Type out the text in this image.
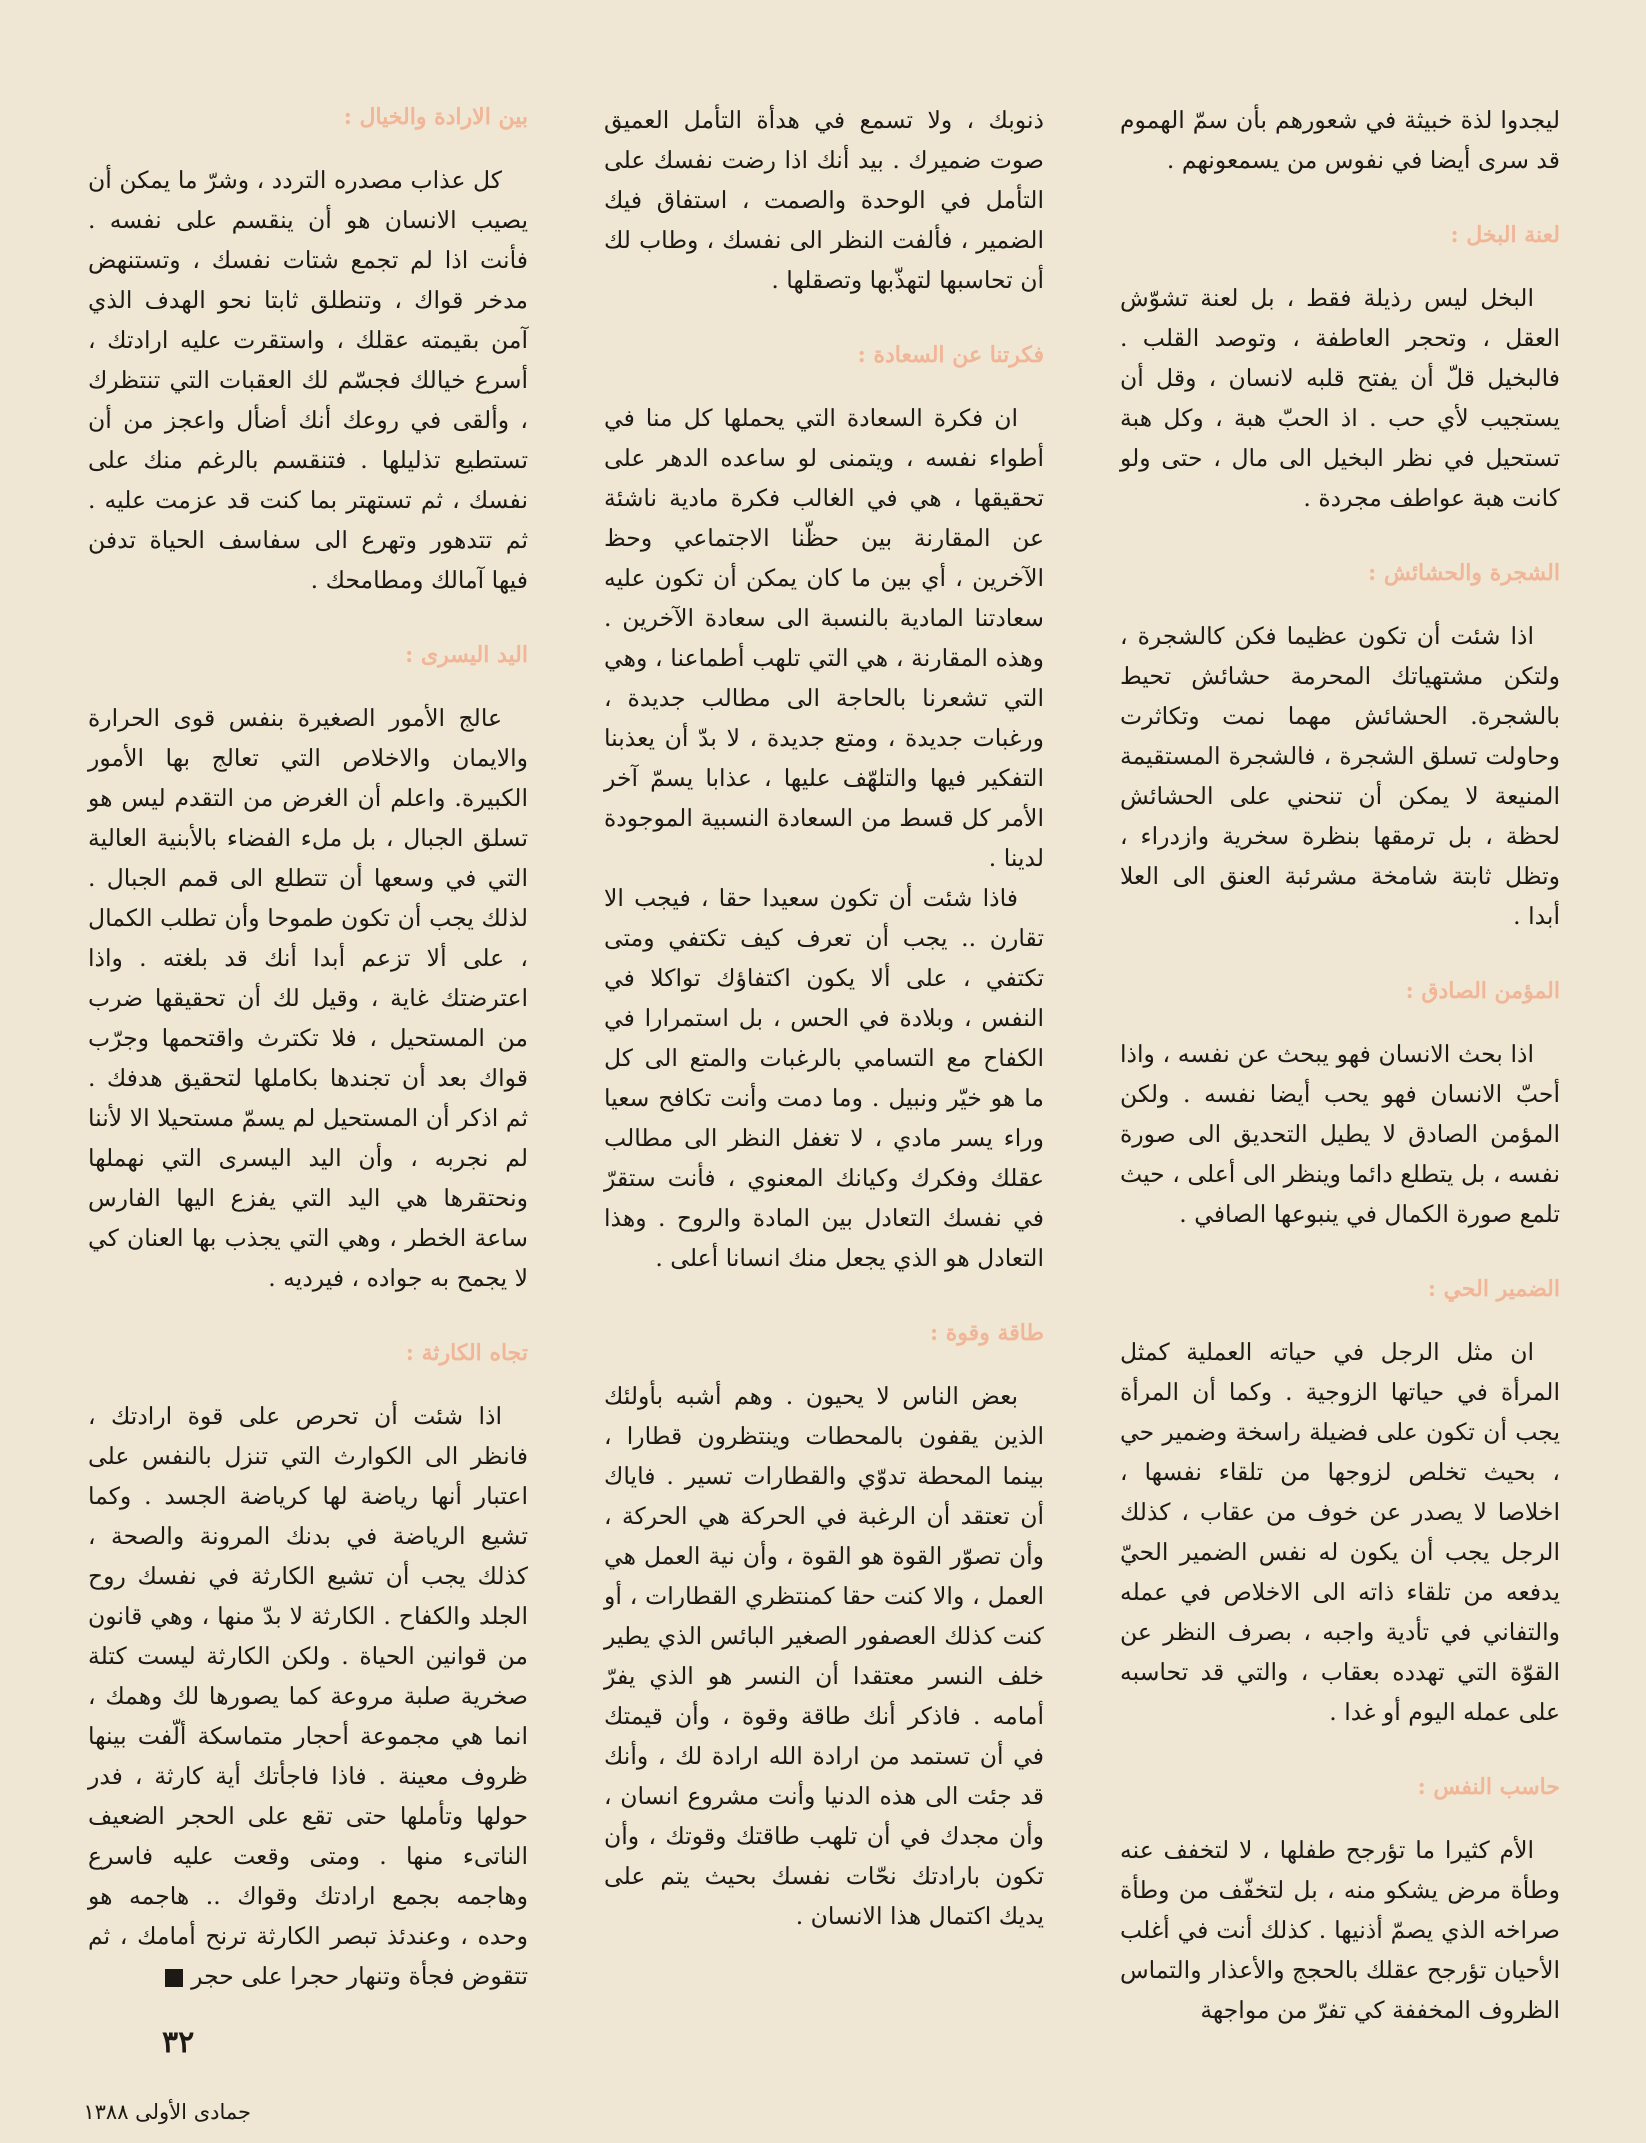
ليجدوا لذة خبيثة في شعورهم بأن سمّ الهموم قد سرى أيضا في نفوس من يسمعونهم .

لعنة البخل :

البخل ليس رذيلة فقط ، بل لعنة تشوّش العقل ، وتحجر العاطفة ، وتوصد القلب . فالبخيل قلّ أن يفتح قلبه لانسان ، وقل أن يستجيب لأي حب . اذ الحبّ هبة ، وكل هبة تستحيل في نظر البخيل الى مال ، حتى ولو كانت هبة عواطف مجردة .

الشجرة والحشائش :

اذا شئت أن تكون عظيما فكن كالشجرة ، ولتكن مشتهياتك المحرمة حشائش تحيط بالشجرة. الحشائش مهما نمت وتكاثرت وحاولت تسلق الشجرة ، فالشجرة المستقيمة المنيعة لا يمكن أن تنحني على الحشائش لحظة ، بل ترمقها بنظرة سخرية وازدراء ، وتظل ثابتة شامخة مشرئبة العنق الى العلا أبدا .

المؤمن الصادق :

اذا بحث الانسان فهو يبحث عن نفسه ، واذا أحبّ الانسان فهو يحب أيضا نفسه . ولكن المؤمن الصادق لا يطيل التحديق الى صورة نفسه ، بل يتطلع دائما وينظر الى أعلى ، حيث تلمع صورة الكمال في ينبوعها الصافي .

الضمير الحي :

ان مثل الرجل في حياته العملية كمثل المرأة في حياتها الزوجية . وكما أن المرأة يجب أن تكون على فضيلة راسخة وضمير حي ، بحيث تخلص لزوجها من تلقاء نفسها ، اخلاصا لا يصدر عن خوف من عقاب ، كذلك الرجل يجب أن يكون له نفس الضمير الحيّ يدفعه من تلقاء ذاته الى الاخلاص في عمله والتفاني في تأدية واجبه ، بصرف النظر عن القوّة التي تهدده بعقاب ، والتي قد تحاسبه على عمله اليوم أو غدا .

حاسب النفس :

الأم كثيرا ما تؤرجح طفلها ، لا لتخفف عنه وطأة مرض يشكو منه ، بل لتخفّف من وطأة صراخه الذي يصمّ أذنيها . كذلك أنت في أغلب الأحيان تؤرجح عقلك بالحجج والأعذار والتماس الظروف المخففة كي تفرّ من مواجهة

ذنوبك ، ولا تسمع في هدأة التأمل العميق صوت ضميرك . بيد أنك اذا رضت نفسك على التأمل في الوحدة والصمت ، استفاق فيك الضمير ، فألفت النظر الى نفسك ، وطاب لك أن تحاسبها لتهذّبها وتصقلها .

فكرتنا عن السعادة :

ان فكرة السعادة التي يحملها كل منا في أطواء نفسه ، ويتمنى لو ساعده الدهر على تحقيقها ، هي في الغالب فكرة مادية ناشئة عن المقارنة بين حظّنا الاجتماعي وحظ الآخرين ، أي بين ما كان يمكن أن تكون عليه سعادتنا المادية بالنسبة الى سعادة الآخرين . وهذه المقارنة ، هي التي تلهب أطماعنا ، وهي التي تشعرنا بالحاجة الى مطالب جديدة ، ورغبات جديدة ، ومتع جديدة ، لا بدّ أن يعذبنا التفكير فيها والتلهّف عليها ، عذابا يسمّ آخر الأمر كل قسط من السعادة النسبية الموجودة لدينا .

فاذا شئت أن تكون سعيدا حقا ، فيجب الا تقارن .. يجب أن تعرف كيف تكتفي ومتى تكتفي ، على ألا يكون اكتفاؤك تواكلا في النفس ، وبلادة في الحس ، بل استمرارا في الكفاح مع التسامي بالرغبات والمتع الى كل ما هو خيّر ونبيل . وما دمت وأنت تكافح سعيا وراء يسر مادي ، لا تغفل النظر الى مطالب عقلك وفكرك وكيانك المعنوي ، فأنت ستقرّ في نفسك التعادل بين المادة والروح . وهذا التعادل هو الذي يجعل منك انسانا أعلى .

طاقة وقوة :

بعض الناس لا يحيون . وهم أشبه بأولئك الذين يقفون بالمحطات وينتظرون قطارا ، بينما المحطة تدوّي والقطارات تسير . فاياك أن تعتقد أن الرغبة في الحركة هي الحركة ، وأن تصوّر القوة هو القوة ، وأن نية العمل هي العمل ، والا كنت حقا كمنتظري القطارات ، أو كنت كذلك العصفور الصغير البائس الذي يطير خلف النسر معتقدا أن النسر هو الذي يفرّ أمامه . فاذكر أنك طاقة وقوة ، وأن قيمتك في أن تستمد من ارادة الله ارادة لك ، وأنك قد جئت الى هذه الدنيا وأنت مشروع انسان ، وأن مجدك في أن تلهب طاقتك وقوتك ، وأن تكون بارادتك نحّات نفسك بحيث يتم على يديك اكتمال هذا الانسان .

بين الارادة والخيال :

كل عذاب مصدره التردد ، وشرّ ما يمكن أن يصيب الانسان هو أن ينقسم على نفسه . فأنت اذا لم تجمع شتات نفسك ، وتستنهض مدخر قواك ، وتنطلق ثابتا نحو الهدف الذي آمن بقيمته عقلك ، واستقرت عليه ارادتك ، أسرع خيالك فجسّم لك العقبات التي تنتظرك ، وألقى في روعك أنك أضأل واعجز من أن تستطيع تذليلها . فتنقسم بالرغم منك على نفسك ، ثم تستهتر بما كنت قد عزمت عليه . ثم تتدهور وتهرع الى سفاسف الحياة تدفن فيها آمالك ومطامحك .

اليد اليسرى :

عالج الأمور الصغيرة بنفس قوى الحرارة والايمان والاخلاص التي تعالج بها الأمور الكبيرة. واعلم أن الغرض من التقدم ليس هو تسلق الجبال ، بل ملء الفضاء بالأبنية العالية التي في وسعها أن تتطلع الى قمم الجبال . لذلك يجب أن تكون طموحا وأن تطلب الكمال ، على ألا تزعم أبدا أنك قد بلغته . واذا اعترضتك غاية ، وقيل لك أن تحقيقها ضرب من المستحيل ، فلا تكترث واقتحمها وجرّب قواك بعد أن تجندها بكاملها لتحقيق هدفك . ثم اذكر أن المستحيل لم يسمّ مستحيلا الا لأننا لم نجربه ، وأن اليد اليسرى التي نهملها ونحتقرها هي اليد التي يفزع اليها الفارس ساعة الخطر ، وهي التي يجذب بها العنان كي لا يجمح به جواده ، فيرديه .

تجاه الكارثة :

اذا شئت أن تحرص على قوة ارادتك ، فانظر الى الكوارث التي تنزل بالنفس على اعتبار أنها رياضة لها كرياضة الجسد . وكما تشيع الرياضة في بدنك المرونة والصحة ، كذلك يجب أن تشيع الكارثة في نفسك روح الجلد والكفاح . الكارثة لا بدّ منها ، وهي قانون من قوانين الحياة . ولكن الكارثة ليست كتلة صخرية صلبة مروعة كما يصورها لك وهمك ، انما هي مجموعة أحجار متماسكة ألّفت بينها ظروف معينة . فاذا فاجأتك أية كارثة ، فدر حولها وتأملها حتى تقع على الحجر الضعيف الناتىء منها . ومتى وقعت عليه فاسرع وهاجمه بجمع ارادتك وقواك .. هاجمه هو وحده ، وعندئذ تبصر الكارثة ترنح أمامك ، ثم تتقوض فجأة وتنهار حجرا على حجر

٣٢
جمادى الأولى ١٣٨٨
